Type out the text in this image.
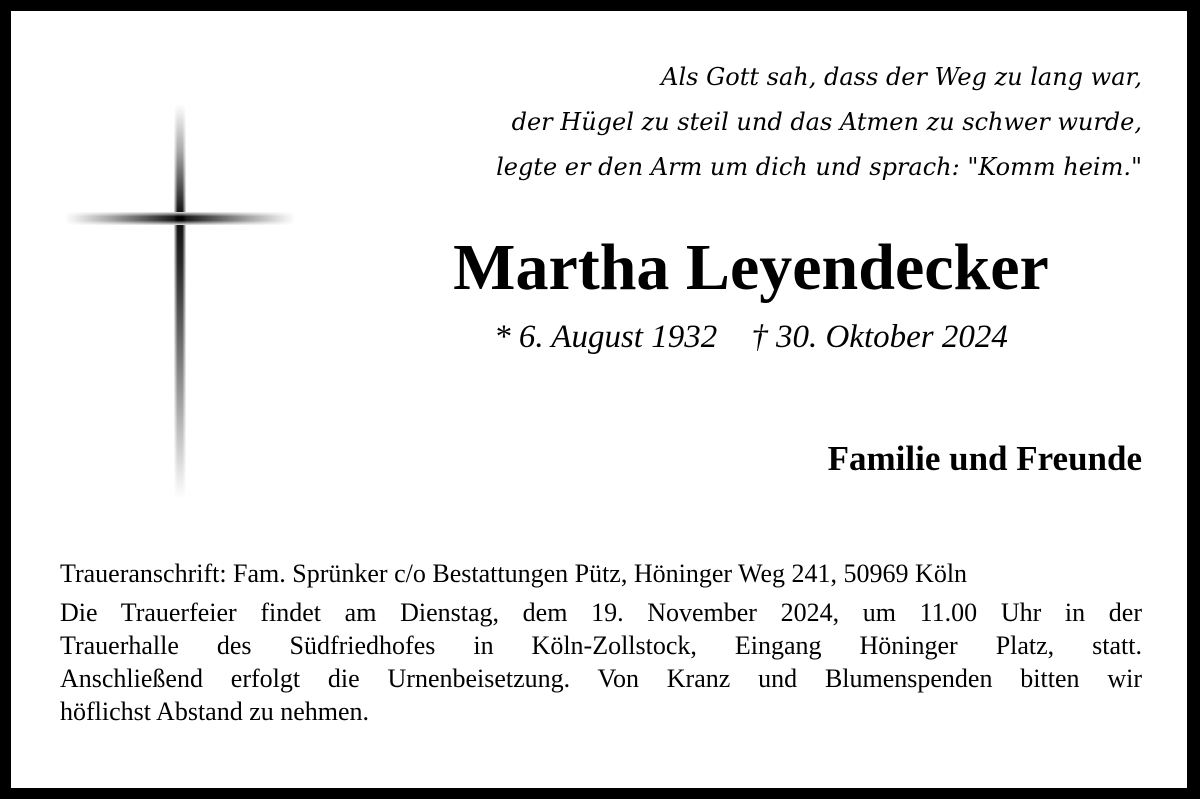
Als Gott sah, dass der Weg zu lang war,
der Hügel zu steil und das Atmen zu schwer wurde,
legte er den Arm um dich und sprach: "Komm heim."
Martha Leyendecker
* 6. August 1932 † 30. Oktober 2024
Familie und Freunde
Traueranschrift: Fam. Sprünker c/o Bestattungen Pütz, Höninger Weg 241, 50969 Köln
Die Trauerfeier findet am Dienstag, dem 19. November 2024, um 11.00 Uhr in der
Trauerhalle des Südfriedhofes in Köln-Zollstock, Eingang Höninger Platz, statt.
Anschließend erfolgt die Urnenbeisetzung. Von Kranz und Blumenspenden bitten wir
höflichst Abstand zu nehmen.
